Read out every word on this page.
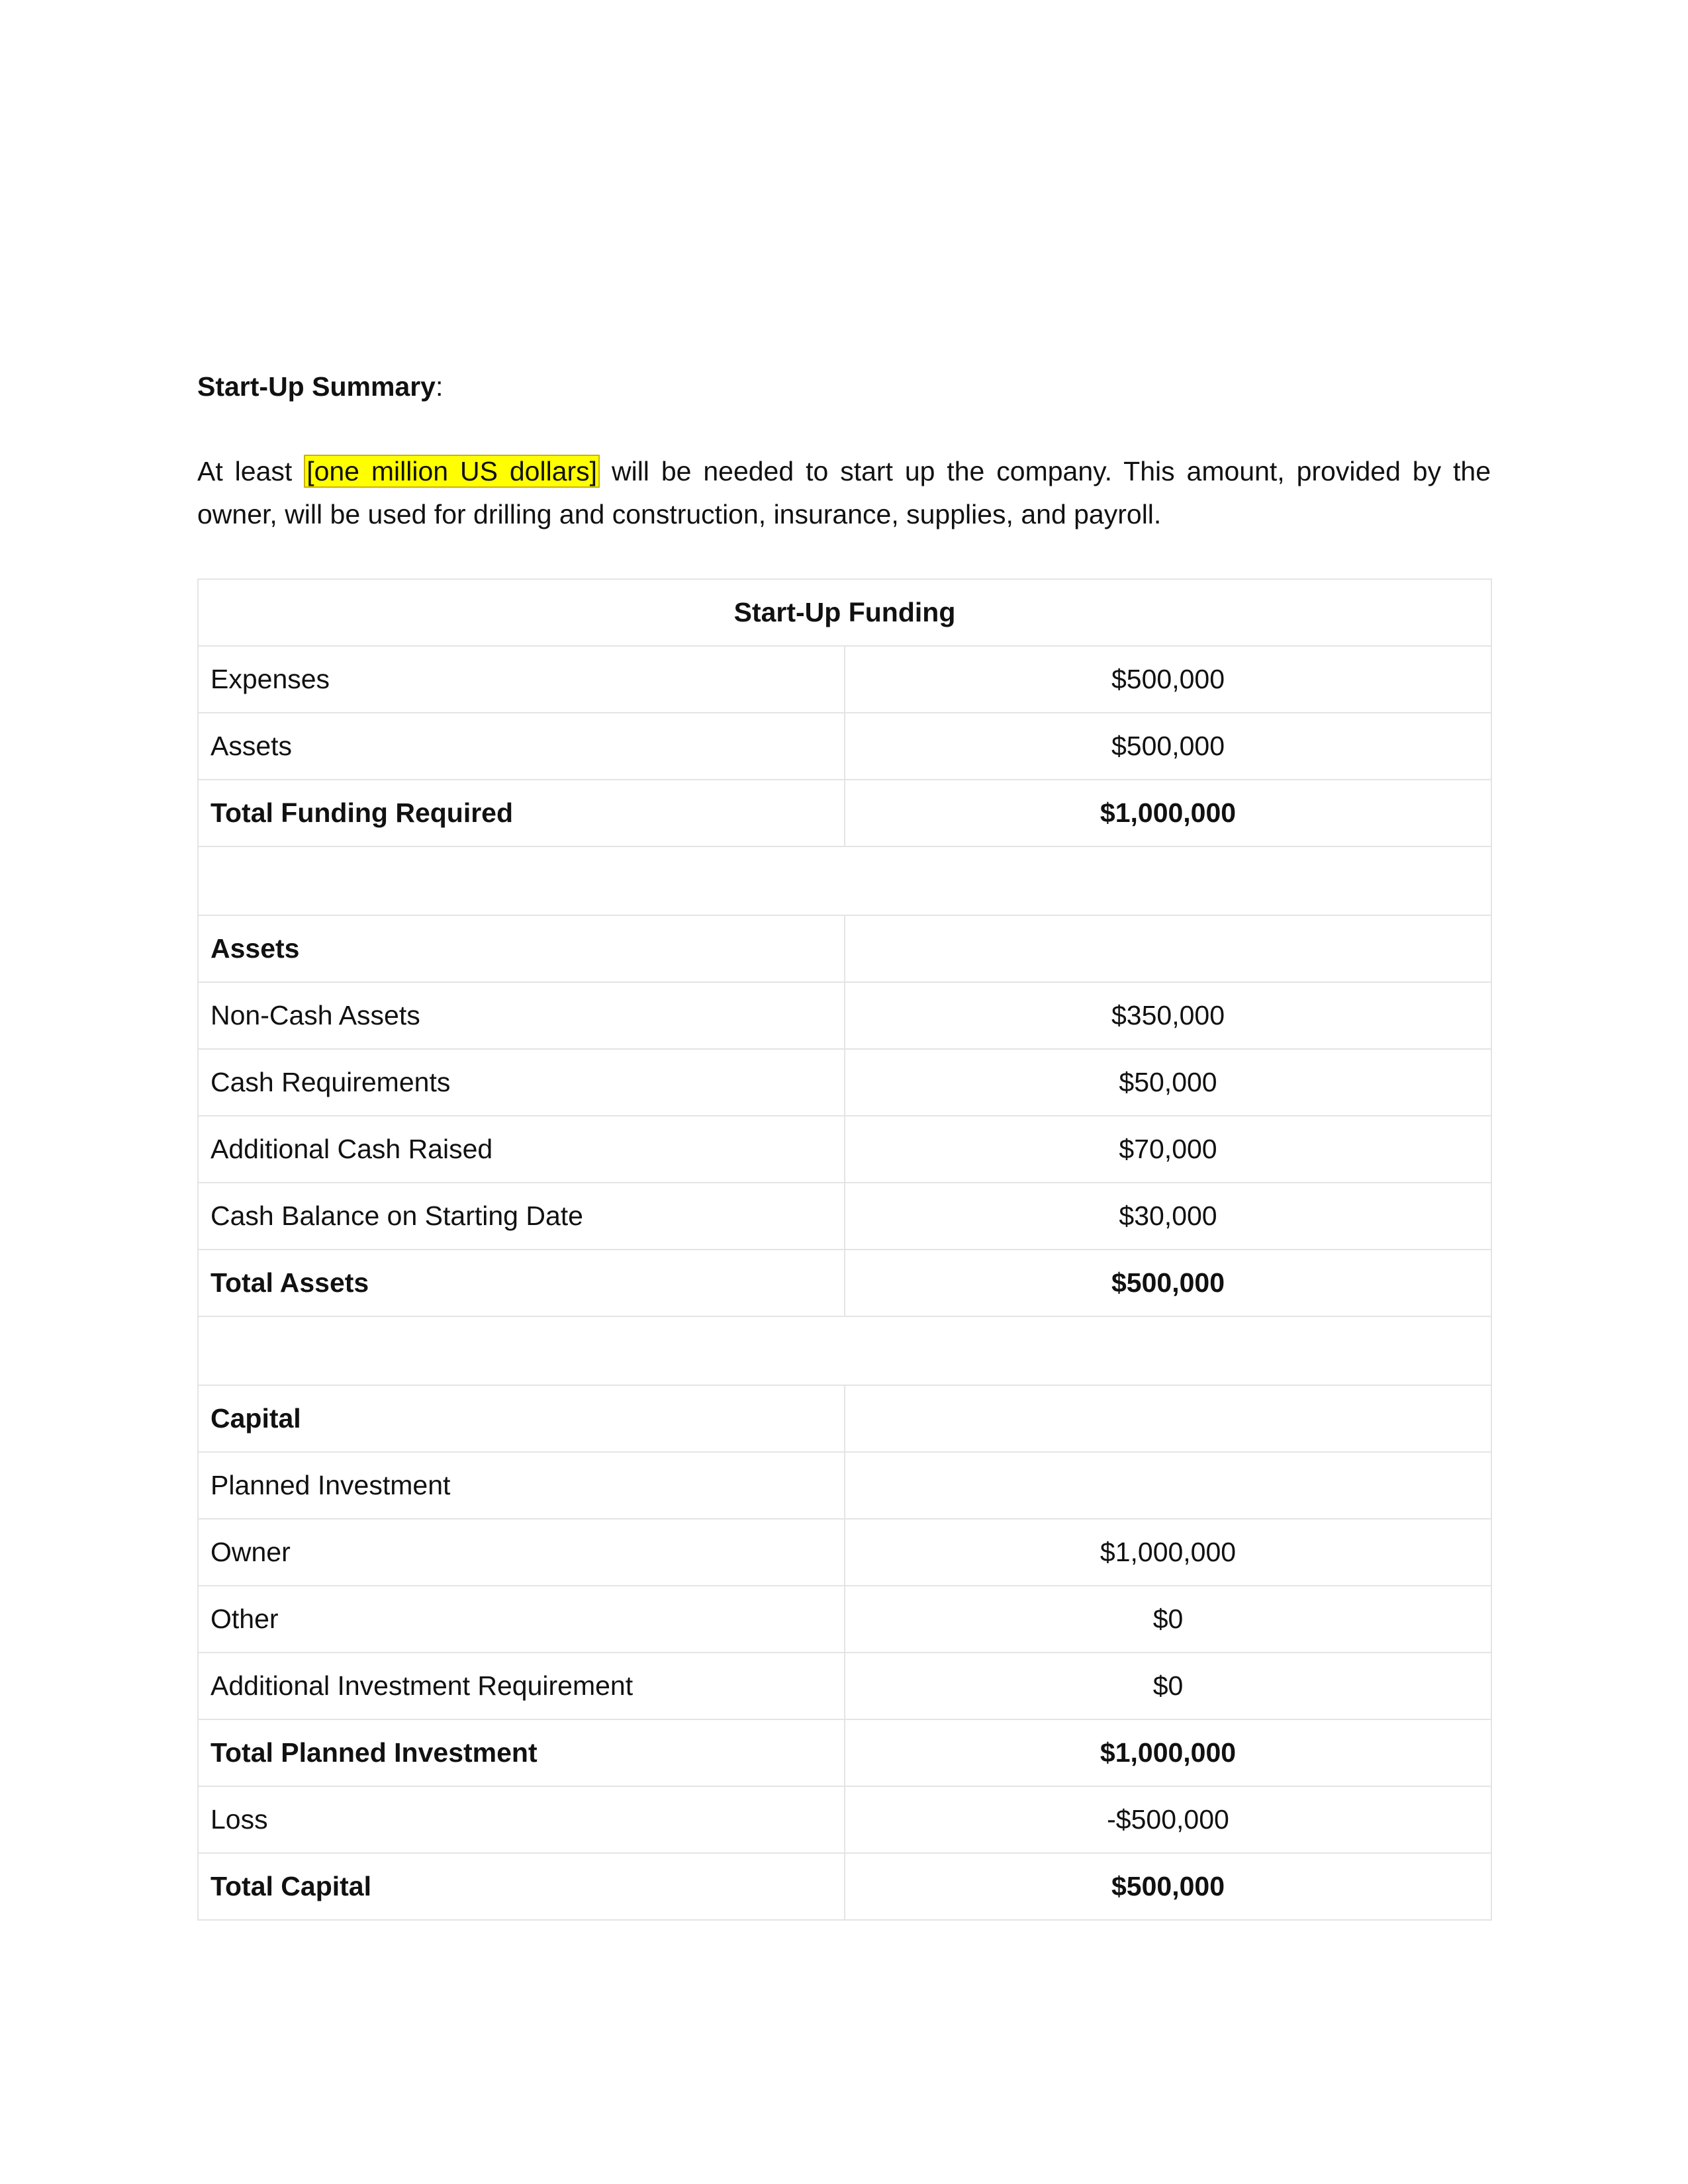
Start-Up Summary:
At least [one million US dollars] will be needed to start up the company. This amount, provided by the owner, will be used for drilling and construction, insurance, supplies, and payroll.
Start-Up Funding	
Expenses	$500,000
Assets	$500,000
Total Funding Required	$1,000,000

Assets	
Non-Cash Assets	$350,000
Cash Requirements	$50,000
Additional Cash Raised	$70,000
Cash Balance on Starting Date	$30,000
Total Assets	$500,000

Capital	
Planned Investment	
Owner	$1,000,000
Other	$0
Additional Investment Requirement	$0
Total Planned Investment	$1,000,000
Loss	-$500,000
Total Capital	$500,000
